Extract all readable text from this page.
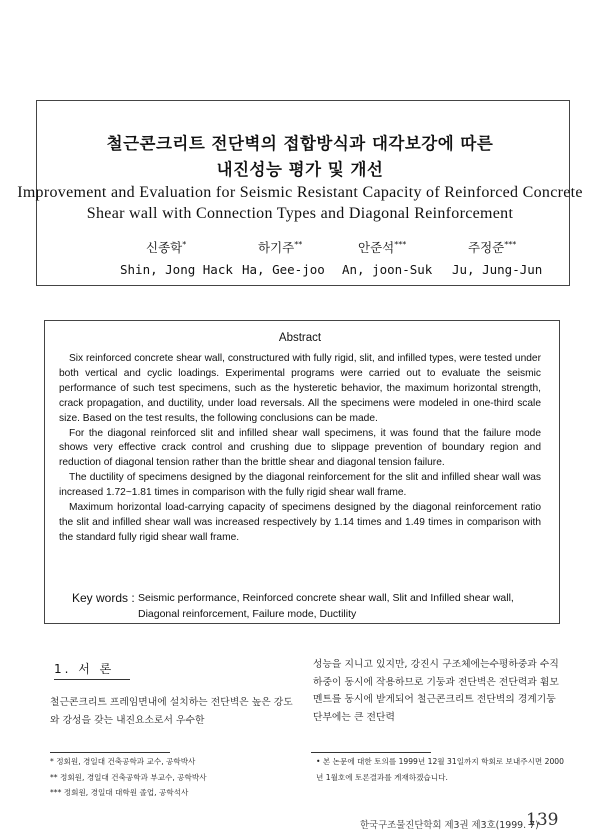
철근콘크리트 전단벽의 접합방식과 대각보강에 따른
내진성능 평가 및 개선
Improvement and Evaluation for Seismic Resistant Capacity of Reinforced Concrete
Shear wall with Connection Types and Diagonal Reinforcement
신종학*	하기주**	안준석***	주정준***
Shin, Jong Hack Ha, Gee-joo An, joon-Suk Ju, Jung-Jun
Abstract

Six reinforced concrete shear wall, constructured with fully rigid, slit, and infilled types, were tested under both vertical and cyclic loadings. Experimental programs were carried out to evaluate the seismic performance of such test specimens, such as the hysteretic behavior, the maximum horizontal strength, crack propagation, and ductility, under load reversals. All the specimens were modeled in one-third scale size. Based on the test results, the following conclusions can be made.

For the diagonal reinforced slit and infilled shear wall specimens, it was found that the failure mode shows very effective crack control and crushing due to slippage prevention of boundary region and reduction of diagonal tension rather than the brittle shear and diagonal tension failure.

The ductility of specimens designed by the diagonal reinforcement for the slit and infilled shear wall was increased 1.72~1.81 times in comparison with the fully rigid shear wall frame.

Maximum horizontal load-carrying capacity of specimens designed by the diagonal reinforcement ratio the slit and infilled shear wall was increased respectively by 1.14 times and 1.49 times in comparison with the standard fully rigid shear wall frame.

Key words : Seismic performance, Reinforced concrete shear wall, Slit and Infilled shear wall, Diagonal reinforcement, Failure mode, Ductility
1. 서 론

철근콘크리트 프레임면내에 설치하는 전단벽은 높은 강도와 강성을 갖는 내진요소로서 우수한

성능을 지니고 있지만, 강진시 구조체에는수평하중과 수직하중이 동시에 작용하므로 기둥과 전단벽은 전단력과 휨모멘트를 동시에 받게되어 철근콘크리트 전단벽의 경계기둥 단부에는 큰 전단력

* 정회원, 경일대 건축공학과 교수, 공학박사
** 정회원, 경일대 건축공학과 부교수, 공학박사
*** 정회원, 경일대 대학원 졸업, 공학석사
• 본 논문에 대한 토의를 1999년 12월 31일까지 학회로 보내주시면 2000년 1월호에 토론결과를 게재하겠습니다.
한국구조물진단학회 제3권 제3호(1999. 7)
139
